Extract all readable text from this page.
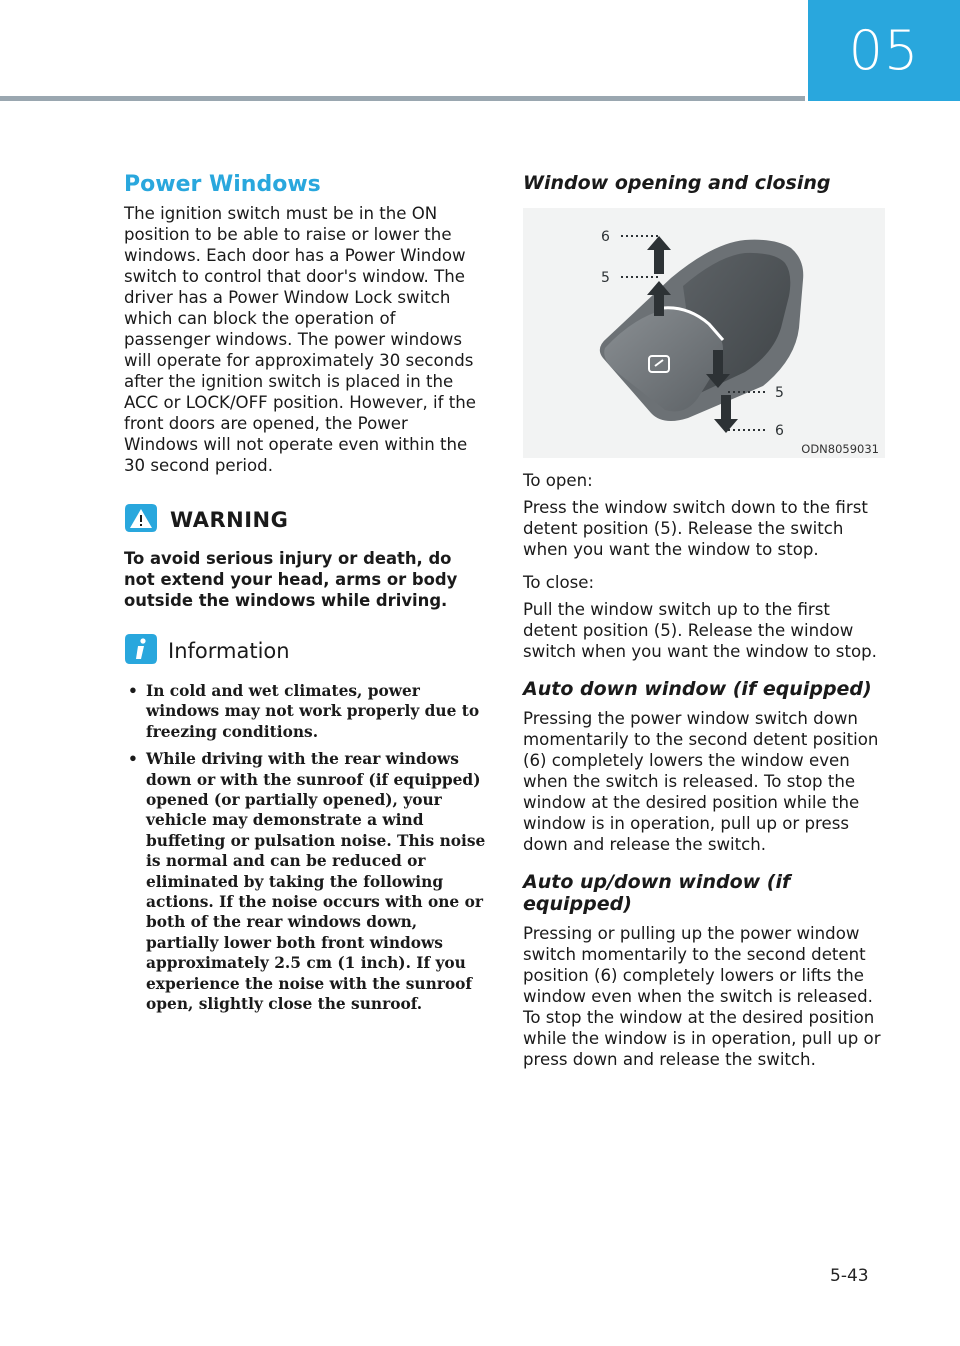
05
Power Windows

The ignition switch must be in the ON position to be able to raise or lower the windows. Each door has a Power Window switch to control that door's window. The driver has a Power Window Lock switch which can block the operation of passenger windows. The power windows will operate for approximately 30 seconds after the ignition switch is placed in the ACC or LOCK/OFF position. However, if the front doors are opened, the Power Windows will not operate even within the 30 second period.

WARNING

To avoid serious injury or death, do not extend your head, arms or body outside the windows while driving.

Information
• In cold and wet climates, power windows may not work properly due to freezing conditions.
• While driving with the rear windows down or with the sunroof (if equipped) opened (or partially opened), your vehicle may demonstrate a wind buffeting or pulsation noise. This noise is normal and can be reduced or eliminated by taking the following actions. If the noise occurs with one or both of the rear windows down, partially lower both front windows approximately 2.5 cm (1 inch). If you experience the noise with the sunroof open, slightly close the sunroof.
Window opening and closing
6
5
5
6
ODN8059031

To open:

Press the window switch down to the first detent position (5). Release the switch when you want the window to stop.

To close:

Pull the window switch up to the first detent position (5). Release the window switch when you want the window to stop.

Auto down window (if equipped)

Pressing the power window switch down momentarily to the second detent position (6) completely lowers the window even when the switch is released. To stop the window at the desired position while the window is in operation, pull up or press down and release the switch.

Auto up/down window (if equipped)

Pressing or pulling up the power window switch momentarily to the second detent position (6) completely lowers or lifts the window even when the switch is released. To stop the window at the desired position while the window is in operation, pull up or press down and release the switch.

5-43
